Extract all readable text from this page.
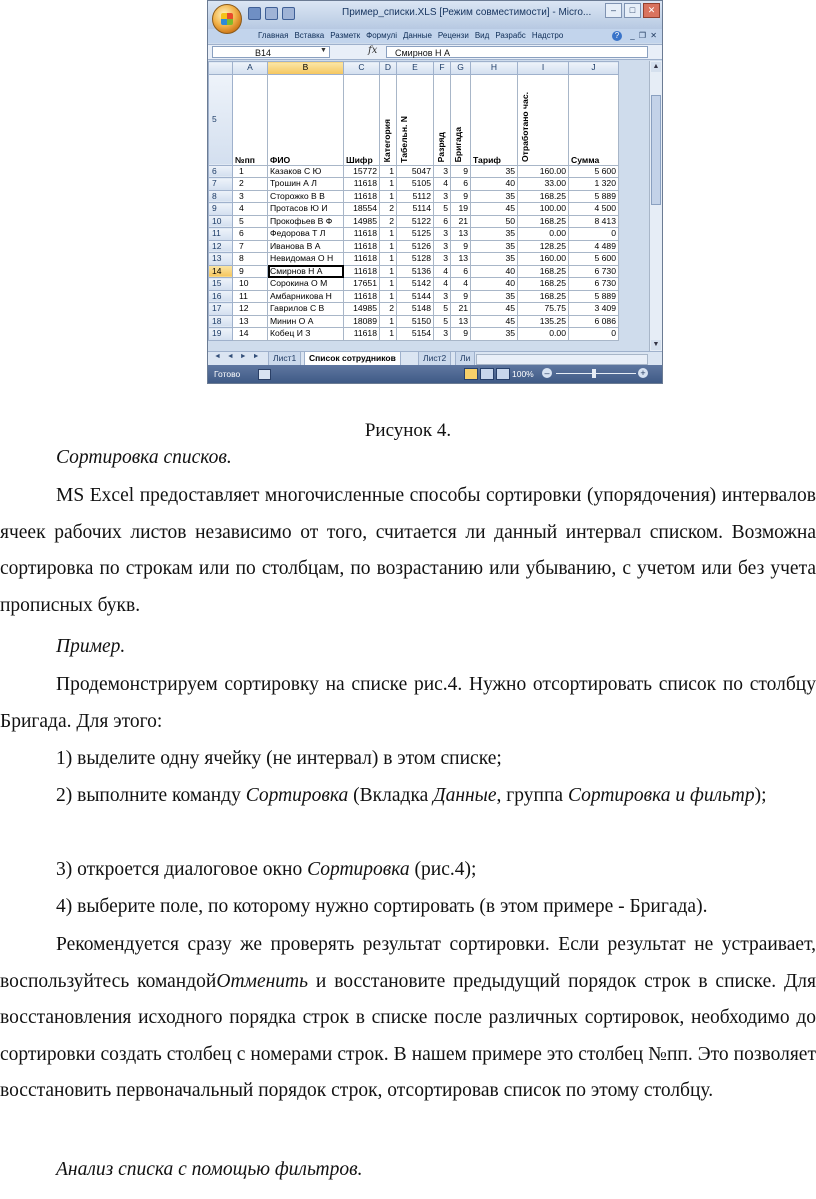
Пример_списки.XLS [Режим совместимости] - Micro...	–	□	✕
Главная Вставка Разметк Формулі Данные Рецензи Вид Разрабс Надстро	?	_ ❐ ✕
B14	▼	fx	Смирнов Н А
	A	B	C	D	E	F	G	H	I	J
5	№пп	ФИО	Шифр	Категория	Табельн. N	Разряд	Бригада	Тариф	Отработано час.	Сумма
6	1	Казаков С Ю	15772	1	5047	3	9	35	160.00	5 600
7	2	Трошин А Л	11618	1	5105	4	6	40	33.00	1 320
8	3	Сторожко В В	11618	1	5112	3	9	35	168.25	5 889
9	4	Протасов Ю И	18554	2	5114	5	19	45	100.00	4 500
10	5	Прокофьев В Ф	14985	2	5122	6	21	50	168.25	8 413
11	6	Федорова Т Л	11618	1	5125	3	13	35	0.00	0
12	7	Иванова В А	11618	1	5126	3	9	35	128.25	4 489
13	8	Невидомая О Н	11618	1	5128	3	13	35	160.00	5 600
14	9	Смирнов Н А	11618	1	5136	4	6	40	168.25	6 730
15	10	Сорокина О М	17651	1	5142	4	4	40	168.25	6 730
16	11	Амбарникова Н	11618	1	5144	3	9	35	168.25	5 889
17	12	Гаврилов С В	14985	2	5148	5	21	45	75.75	3 409
18	13	Минин О А	18089	1	5150	5	13	45	135.25	6 086
19	14	Кобец И З	11618	1	5154	3	9	35	0.00	0
▲
▼
◄ ◄ ► ►	Лист1	Список сотрудников	Лист2	Ли
Готово	100% –	+
Рисунок 4.
Сортировка списков.
MS Excel предоставляет многочисленные способы сортировки (упорядочения) интервалов ячеек рабочих листов независимо от того, считается ли данный интервал списком. Возможна сортировка по строкам или по столбцам, по возрастанию или убыванию, с учетом или без учета прописных букв.
Пример.
Продемонстрируем сортировку на списке рис.4. Нужно отсортировать список по столбцу Бригада. Для этого:
1) выделите одну ячейку (не интервал) в этом списке;
2) выполните команду Сортировка (Вкладка Данные, группа Сортировка и фильтр);
3) откроется диалоговое окно Сортировка (рис.4);
4) выберите поле, по которому нужно сортировать (в этом примере - Бригада).
Рекомендуется сразу же проверять результат сортировки. Если результат не устраивает, воспользуйтесь командойОтменить и восстановите предыдущий порядок строк в списке. Для восстановления исходного порядка строк в списке после различных сортировок, необходимо до сортировки создать столбец с номерами строк. В нашем примере это столбец №пп. Это позволяет восстановить первоначальный порядок строк, отсортировав список по этому столбцу.
Анализ списка с помощью фильтров.
